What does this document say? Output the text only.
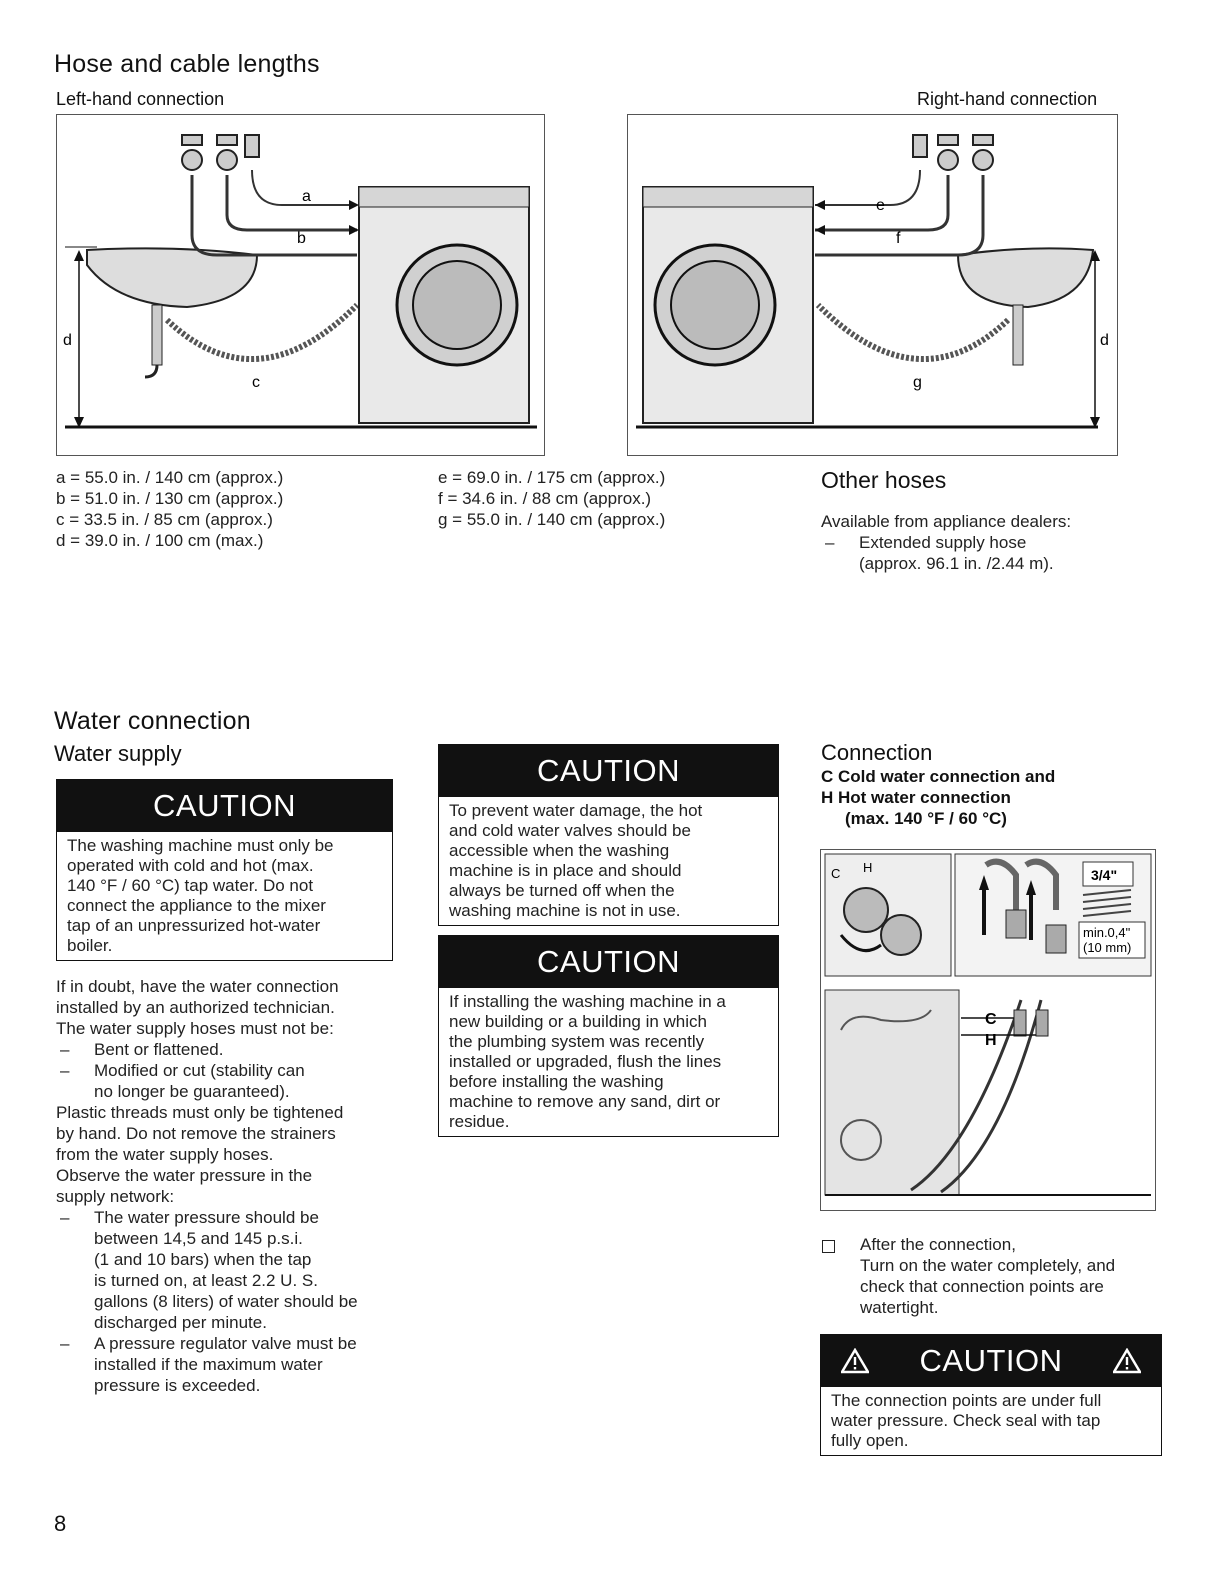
Hose and cable lengths
Left-hand connection	Right-hand connection
d
a
b
c
e
f
g
d
a = 55.0 in. / 140 cm (approx.)
b = 51.0 in. / 130 cm (approx.)
c = 33.5 in. / 85 cm (approx.)
d = 39.0 in. / 100 cm (max.)
e = 69.0 in. / 175 cm (approx.)
f = 34.6 in. / 88 cm (approx.)
g = 55.0 in. / 140 cm (approx.)
Other hoses
Available from appliance dealers:
– Extended supply hose
(approx. 96.1 in. /2.44 m).
Water connection
Water supply
CAUTION
The washing machine must only be
operated with cold and hot (max.
140 °F / 60 °C) tap water. Do not
connect the appliance to the mixer
tap of an unpressurized hot-water
boiler.
If in doubt, have the water connection
installed by an authorized technician.
The water supply hoses must not be:
– Bent or flattened.
– Modified or cut (stability can
no longer be guaranteed).
Plastic threads must only be tightened
by hand. Do not remove the strainers
from the water supply hoses.
Observe the water pressure in the
supply network:
– The water pressure should be
between 14,5 and 145 p.s.i.
(1 and 10 bars) when the tap
is turned on, at least 2.2 U. S.
gallons (8 liters) of water should be
discharged per minute.
– A pressure regulator valve must be
installed if the maximum water
pressure is exceeded.
CAUTION
To prevent water damage, the hot
and cold water valves should be
accessible when the washing
machine is in place and should
always be turned off when the
washing machine is not in use.
CAUTION
If installing the washing machine in a
new building or a building in which
the plumbing system was recently
installed or upgraded, flush the lines
before installing the washing
machine to remove any sand, dirt or
residue.
Connection
C Cold water connection and
H Hot water connection
(max. 140 °F / 60 °C)
C H	3/4"
min.0,4"
(10 mm)
C
H
After the connection,
Turn on the water completely, and
check that connection points are
watertight.
CAUTION
The connection points are under full
water pressure. Check seal with tap
fully open.
8
